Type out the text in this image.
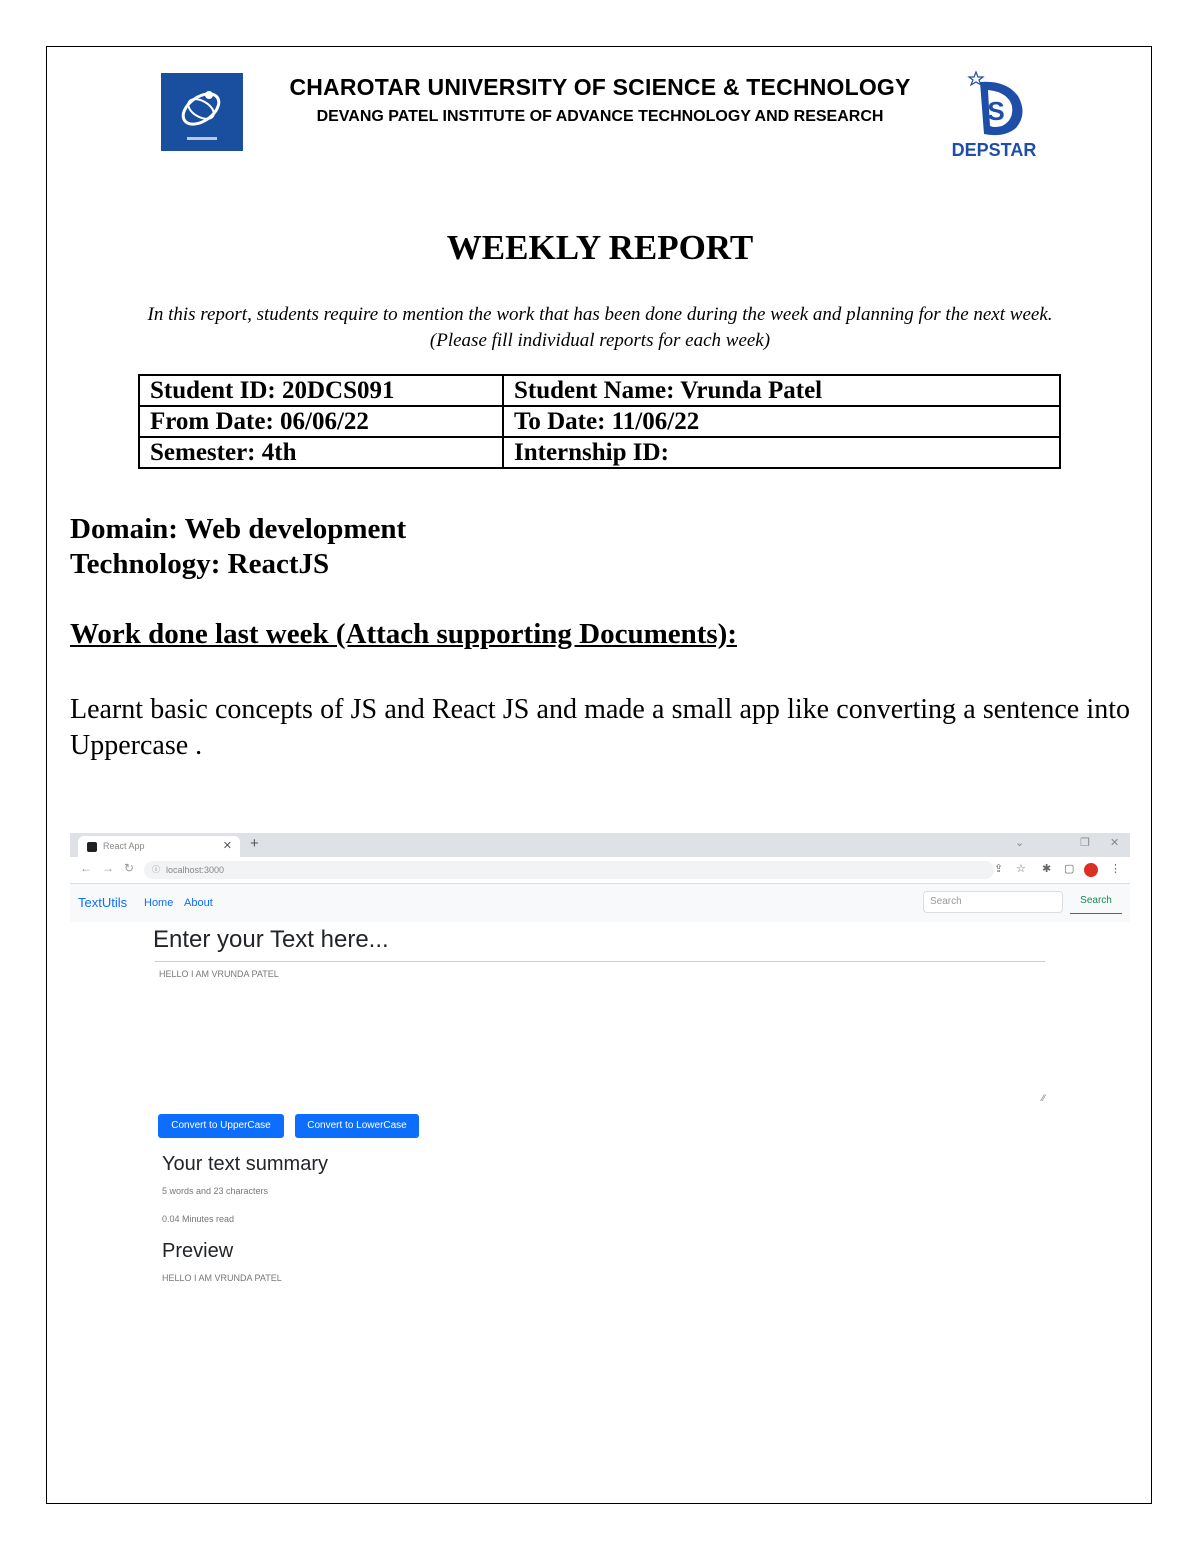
CHAROTAR UNIVERSITY OF SCIENCE & TECHNOLOGY
DEVANG PATEL INSTITUTE OF ADVANCE TECHNOLOGY AND RESEARCH	S
DEPSTAR
WEEKLY REPORT
In this report, students require to mention the work that has been done during the week and planning for the next week.
(Please fill individual reports for each week)
Student ID: 20DCS091	Student Name: Vrunda Patel
From Date: 06/06/22	To Date: 11/06/22
Semester: 4th	Internship ID:
Domain: Web development
Technology: ReactJS
Work done last week (Attach supporting Documents):
Learnt basic concepts of JS and React JS and made a small app like converting a sentence into Uppercase .
React App	✕ +	⌄	❐ ✕
← → ↻ ⓘ localhost:3000	⇪ ☆ ✱ ▢	⋮
TextUtils Home About	Search	Search
Enter your Text here...
HELLO I AM VRUNDA PATEL
⁄⁄
Convert to UpperCase	Convert to LowerCase
Your text summary
5 words and 23 characters
0.04 Minutes read
Preview
HELLO I AM VRUNDA PATEL
